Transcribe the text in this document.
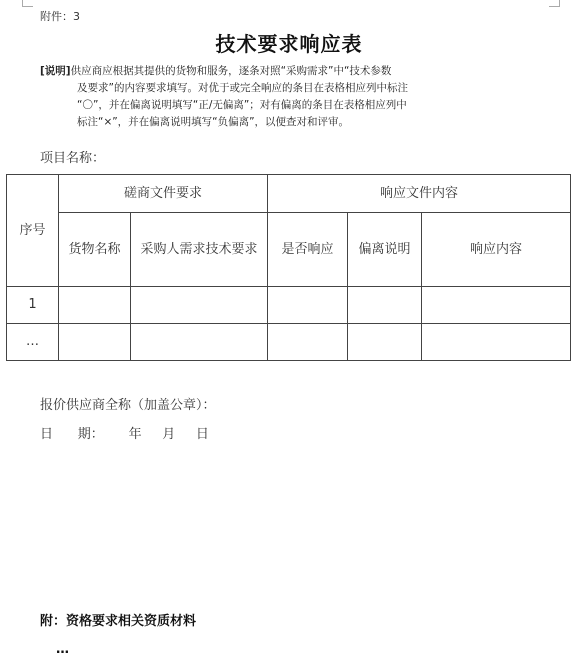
附件：3
技术要求响应表
[说明]供应商应根据其提供的货物和服务，逐条对照“采购需求”中“技术参数
及要求”的内容要求填写。对优于或完全响应的条目在表格相应列中标注
“〇”，并在偏离说明填写“正/无偏离”；对有偏离的条目在表格相应列中
标注“×”，并在偏离说明填写“负偏离”，以便查对和评审。
项目名称：
序号	磋商文件要求		响应文件内容		
	货物名称	采购人需求技术要求	是否响应	偏离说明	响应内容
1					
…					
报价供应商全称（加盖公章）：
日      期：      年     月     日
附：资格要求相关资质材料
…
